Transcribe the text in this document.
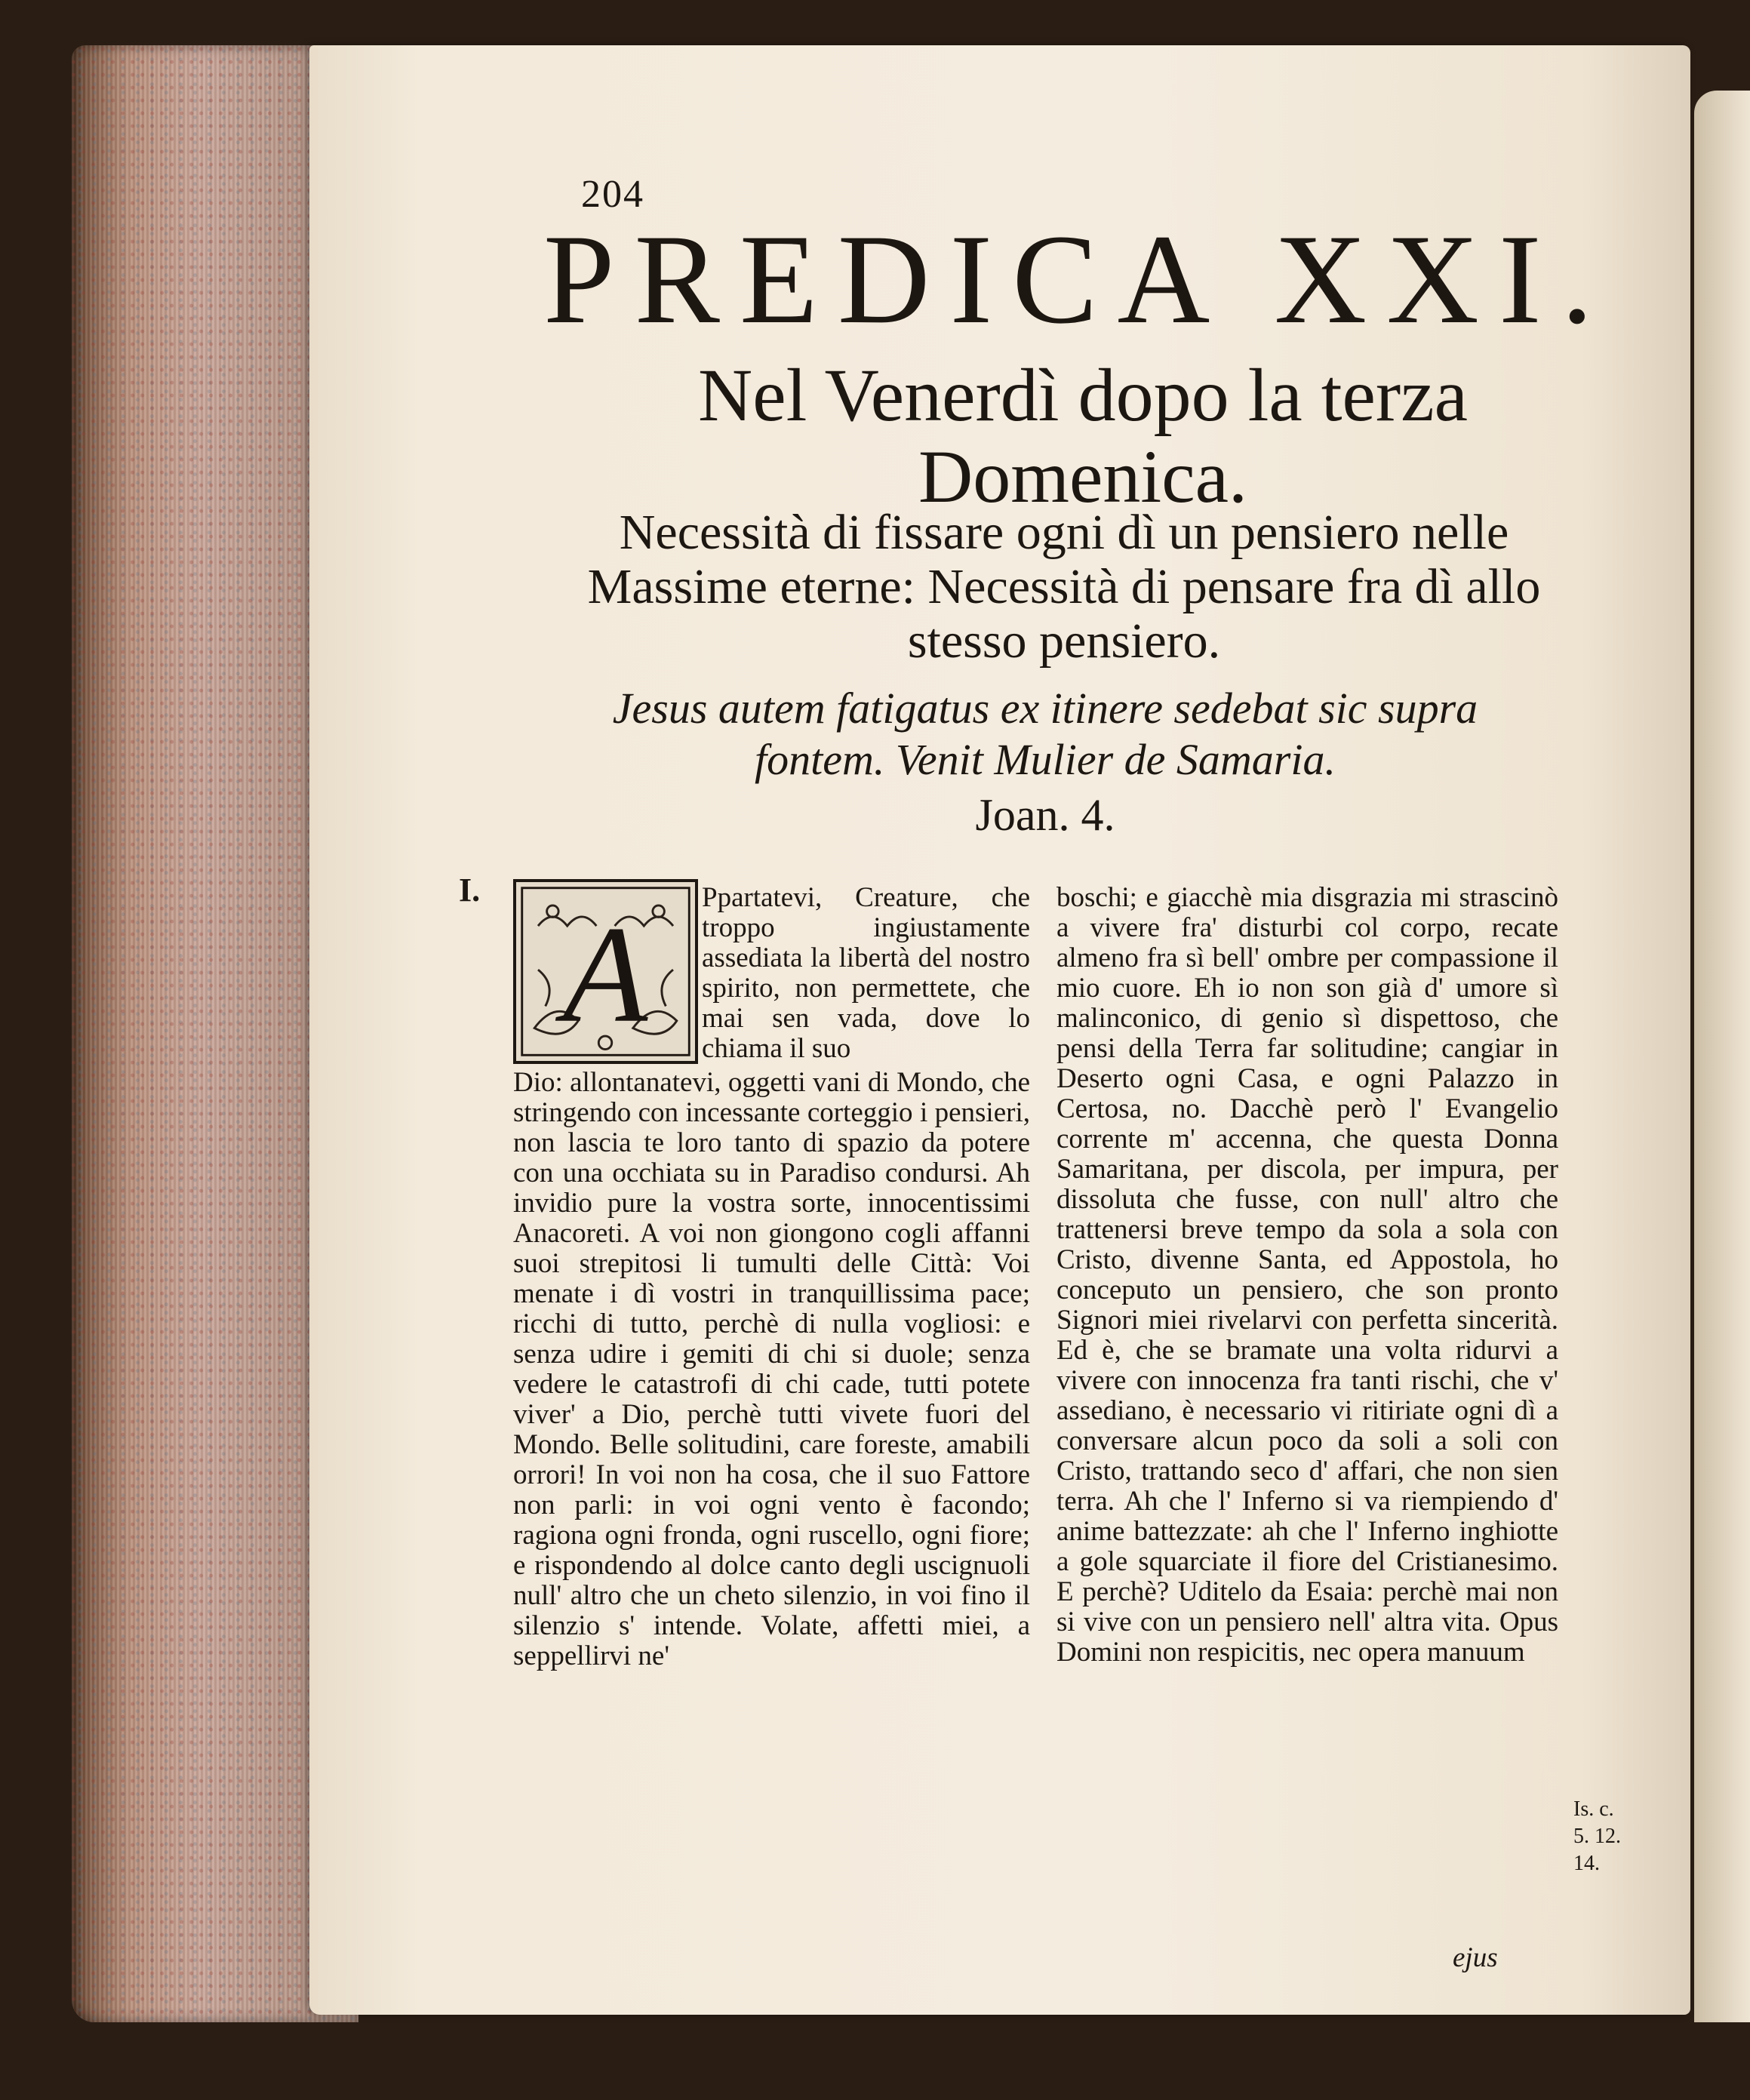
204
PREDICA XXI.
Nel Venerdì dopo la terza Domenica.
Necessità di fissare ogni dì un pensiero nelle Massime eterne: Necessità di pensare fra dì allo stesso pensiero.
Jesus autem fatigatus ex itinere sedebat sic supra fontem. Venit Mulier de Samaria.
Joan. 4.
I.
A Ppartatevi, Creature, che troppo ingiustamente assediata la libertà del nostro spirito, non permettete, che mai sen vada, dove lo chiama il suo

Dio: allontanatevi, oggetti vani di Mondo, che stringendo con incessante corteggio i pensieri, non lascia te loro tanto di spazio da potere con una occhiata su in Paradiso condursi. Ah invidio pure la vostra sorte, innocentissimi Anacoreti. A voi non giongono cogli affanni suoi strepitosi li tumulti delle Città: Voi menate i dì vostri in tranquillissima pace; ricchi di tutto, perchè di nulla vogliosi: e senza udire i gemiti di chi si duole; senza vedere le catastrofi di chi cade, tutti potete viver' a Dio, perchè tutti vivete fuori del Mondo. Belle solitudini, care foreste, amabili orrori! In voi non ha cosa, che il suo Fattore non parli: in voi ogni vento è facondo; ragiona ogni fronda, ogni ruscello, ogni fiore; e rispondendo al dolce canto degli uscignuoli null' altro che un cheto silenzio, in voi fino il silenzio s' intende. Volate, affetti miei, a seppellirvi ne'

boschi; e giacchè mia disgrazia mi strascinò a vivere fra' disturbi col corpo, recate almeno fra sì bell' ombre per compassione il mio cuore. Eh io non son già d' umore sì malinconico, di genio sì dispettoso, che pensi della Terra far solitudine; cangiar in Deserto ogni Casa, e ogni Palazzo in Certosa, no. Dacchè però l' Evangelio corrente m' accenna, che questa Donna Samaritana, per discola, per impura, per dissoluta che fusse, con null' altro che trattenersi breve tempo da sola a sola con Cristo, divenne Santa, ed Appostola, ho conceputo un pensiero, che son pronto Signori miei rivelarvi con perfetta sincerità. Ed è, che se bramate una volta ridurvi a vivere con innocenza fra tanti rischi, che v' assediano, è necessario vi ritiriate ogni dì a conversare alcun poco da soli a soli con Cristo, trattando seco d' affari, che non sien terra. Ah che l' Inferno si va riempiendo d' anime battezzate: ah che l' Inferno inghiotte a gole squarciate il fiore del Cristianesimo. E perchè? Uditelo da Esaia: perchè mai non si vive con un pensiero nell' altra vita. Opus Domini non respicitis, nec opera manuum

ejus
Is. c. 5. 12. 14.
